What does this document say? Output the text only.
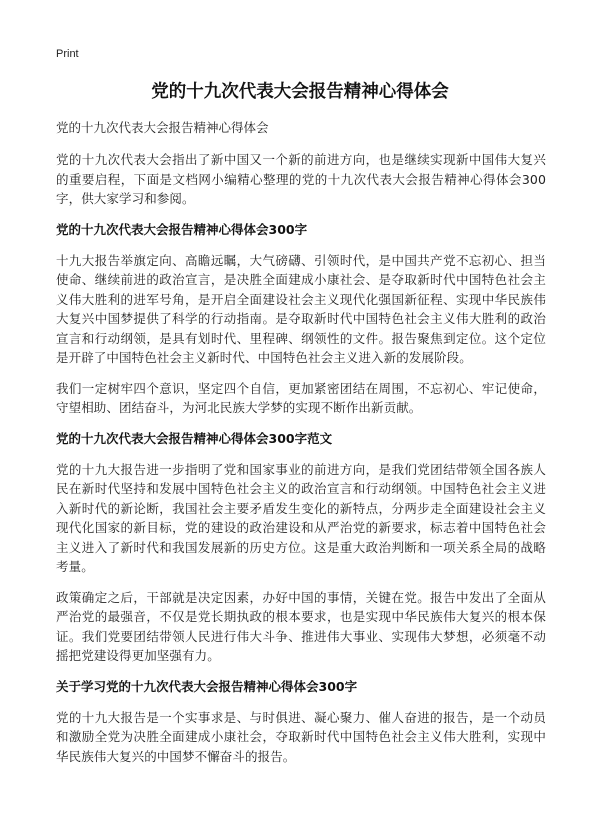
Print
党的十九次代表大会报告精神心得体会

党的十九次代表大会报告精神心得体会

党的十九次代表大会指出了新中国又一个新的前进方向，也是继续实现新中国伟大复兴的重要启程，下面是文档网小编精心整理的党的十九次代表大会报告精神心得体会300字，供大家学习和参阅。

党的十九次代表大会报告精神心得体会300字

十九大报告举旗定向、高瞻远瞩，大气磅礴、引领时代，是中国共产党不忘初心、担当使命、继续前进的政治宣言，是决胜全面建成小康社会、是夺取新时代中国特色社会主义伟大胜利的进军号角，是开启全面建设社会主义现代化强国新征程、实现中华民族伟大复兴中国梦提供了科学的行动指南。是夺取新时代中国特色社会主义伟大胜利的政治宣言和行动纲领，是具有划时代、里程碑、纲领性的文件。报告聚焦到定位。这个定位是开辟了中国特色社会主义新时代、中国特色社会主义进入新的发展阶段。

我们一定树牢四个意识，坚定四个自信，更加紧密团结在周围，不忘初心、牢记使命，守望相助、团结奋斗，为河北民族大学梦的实现不断作出新贡献。

党的十九次代表大会报告精神心得体会300字范文

党的十九大报告进一步指明了党和国家事业的前进方向，是我们党团结带领全国各族人民在新时代坚持和发展中国特色社会主义的政治宣言和行动纲领。中国特色社会主义进入新时代的新论断，我国社会主要矛盾发生变化的新特点，分两步走全面建设社会主义现代化国家的新目标，党的建设的政治建设和从严治党的新要求，标志着中国特色社会主义进入了新时代和我国发展新的历史方位。这是重大政治判断和一项关系全局的战略考量。

政策确定之后，干部就是决定因素，办好中国的事情，关键在党。报告中发出了全面从严治党的最强音，不仅是党长期执政的根本要求，也是实现中华民族伟大复兴的根本保证。我们党要团结带领人民进行伟大斗争、推进伟大事业、实现伟大梦想，必须毫不动摇把党建设得更加坚强有力。

关于学习党的十九次代表大会报告精神心得体会300字

党的十九大报告是一个实事求是、与时俱进、凝心聚力、催人奋进的报告，是一个动员和激励全党为决胜全面建成小康社会，夺取新时代中国特色社会主义伟大胜利，实现中华民族伟大复兴的中国梦不懈奋斗的报告。
